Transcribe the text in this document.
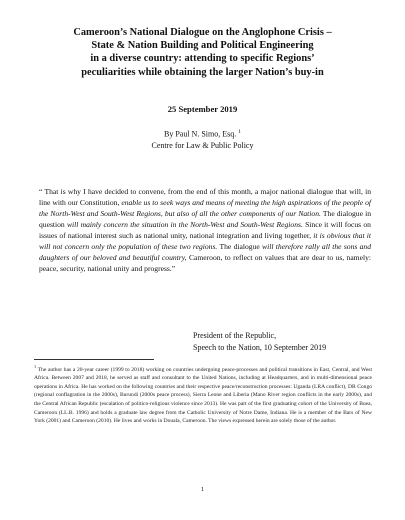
Cameroon’s National Dialogue on the Anglophone Crisis –
State & Nation Building and Political Engineering
in a diverse country: attending to specific Regions’
peculiarities while obtaining the larger Nation’s buy-in
25 September 2019
By Paul N. Simo, Esq. $^1$
Centre for Law & Public Policy
“ That is why I have decided to convene, from the end of this month, a major national dialogue that will, in line with our Constitution, enable us to seek ways and means of meeting the high aspirations of the people of the North-West and South-West Regions, but also of all the other components of our Nation. The dialogue in question will mainly concern the situation in the North-West and South-West Regions. Since it will focus on issues of national interest such as national unity, national integration and living together, it is obvious that it will not concern only the population of these two regions. The dialogue will therefore rally all the sons and daughters of our beloved and beautiful country, Cameroon, to reflect on values that are dear to us, namely: peace, security, national unity and progress.”
President of the Republic,
Speech to the Nation, 10 September 2019
$^1$ The author has a 20-year career (1999 to 2018) working on countries undergoing peace-processes and political transitions in East, Central, and West Africa. Between 2007 and 2018, he served as staff and consultant to the United Nations, including at Headquarters, and in multi-dimensional peace operations in Africa. He has worked on the following countries and their respective peace/reconstruction processes: Uganda (LRA conflict), DR Congo (regional conflagration in the 2000s), Burundi (2000s peace process), Sierra Leone and Liberia (Mano River region conflicts in the early 2000s), and the Central African Republic (escalation of politico-religious violence since 2013). He was part of the first graduating cohort of the University of Buea, Cameroon (LL.B. 1996) and holds a graduate law degree from the Catholic University of Notre Dame, Indiana. He is a member of the Bars of New York (2001) and Cameroon (2010). He lives and works in Douala, Cameroon. The views expressed herein are solely those of the author.
1
